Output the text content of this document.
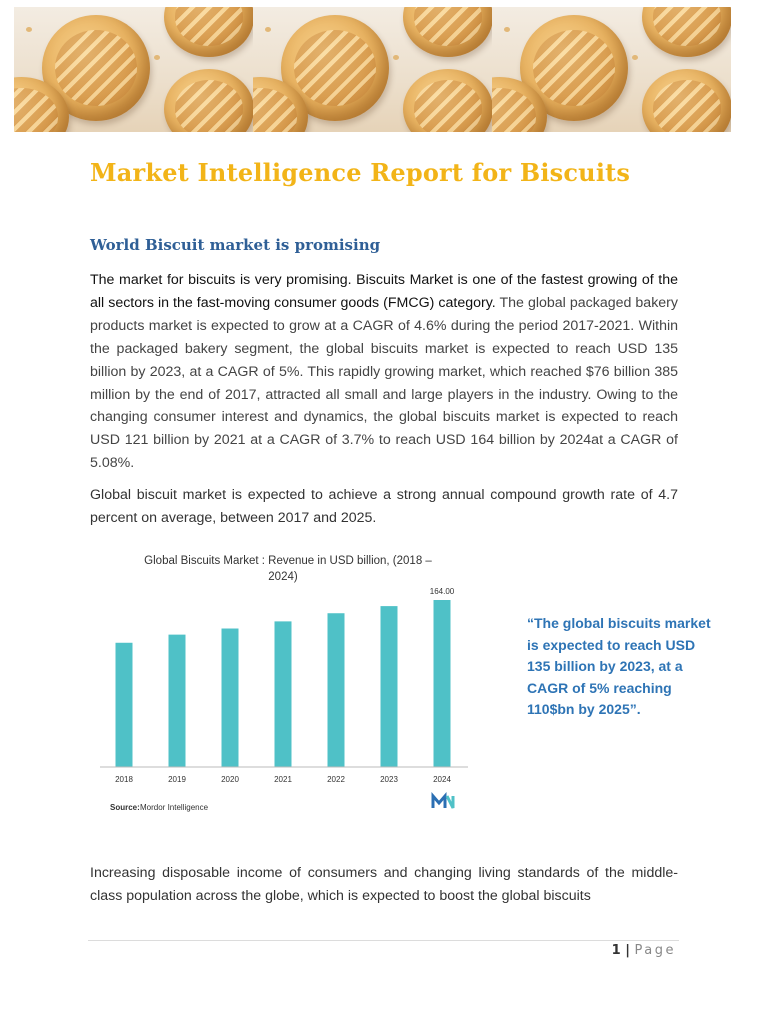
Market Intelligence Report for Biscuits
World Biscuit market is promising

The market for biscuits is very promising. Biscuits Market is one of the fastest growing of the all sectors in the fast-moving consumer goods (FMCG) category. The global packaged bakery products market is expected to grow at a CAGR of 4.6% during the period 2017-2021. Within the packaged bakery segment, the global biscuits market is expected to reach USD 135 billion by 2023, at a CAGR of 5%. This rapidly growing market, which reached $76 billion 385 million by the end of 2017, attracted all small and large players in the industry. Owing to the changing consumer interest and dynamics, the global biscuits market is expected to reach USD 121 billion by 2021 at a CAGR of 3.7% to reach USD 164 billion by 2024at a CAGR of 5.08%.

Global biscuit market is expected to achieve a strong annual compound growth rate of 4.7 percent on average, between 2017 and 2025.

Global Biscuits Market : Revenue in USD billion, (2018 –
2024)
2018	2019	2020	2021	2022	2023	2024
164.00
Source: Mordor Intelligence

“The global biscuits market is expected to reach USD 135 billion by 2023, at a CAGR of 5% reaching 110$bn by 2025”.

Increasing disposable income of consumers and changing living standards of the middle-class population across the globe, which is expected to boost the global biscuits

1 | Page
